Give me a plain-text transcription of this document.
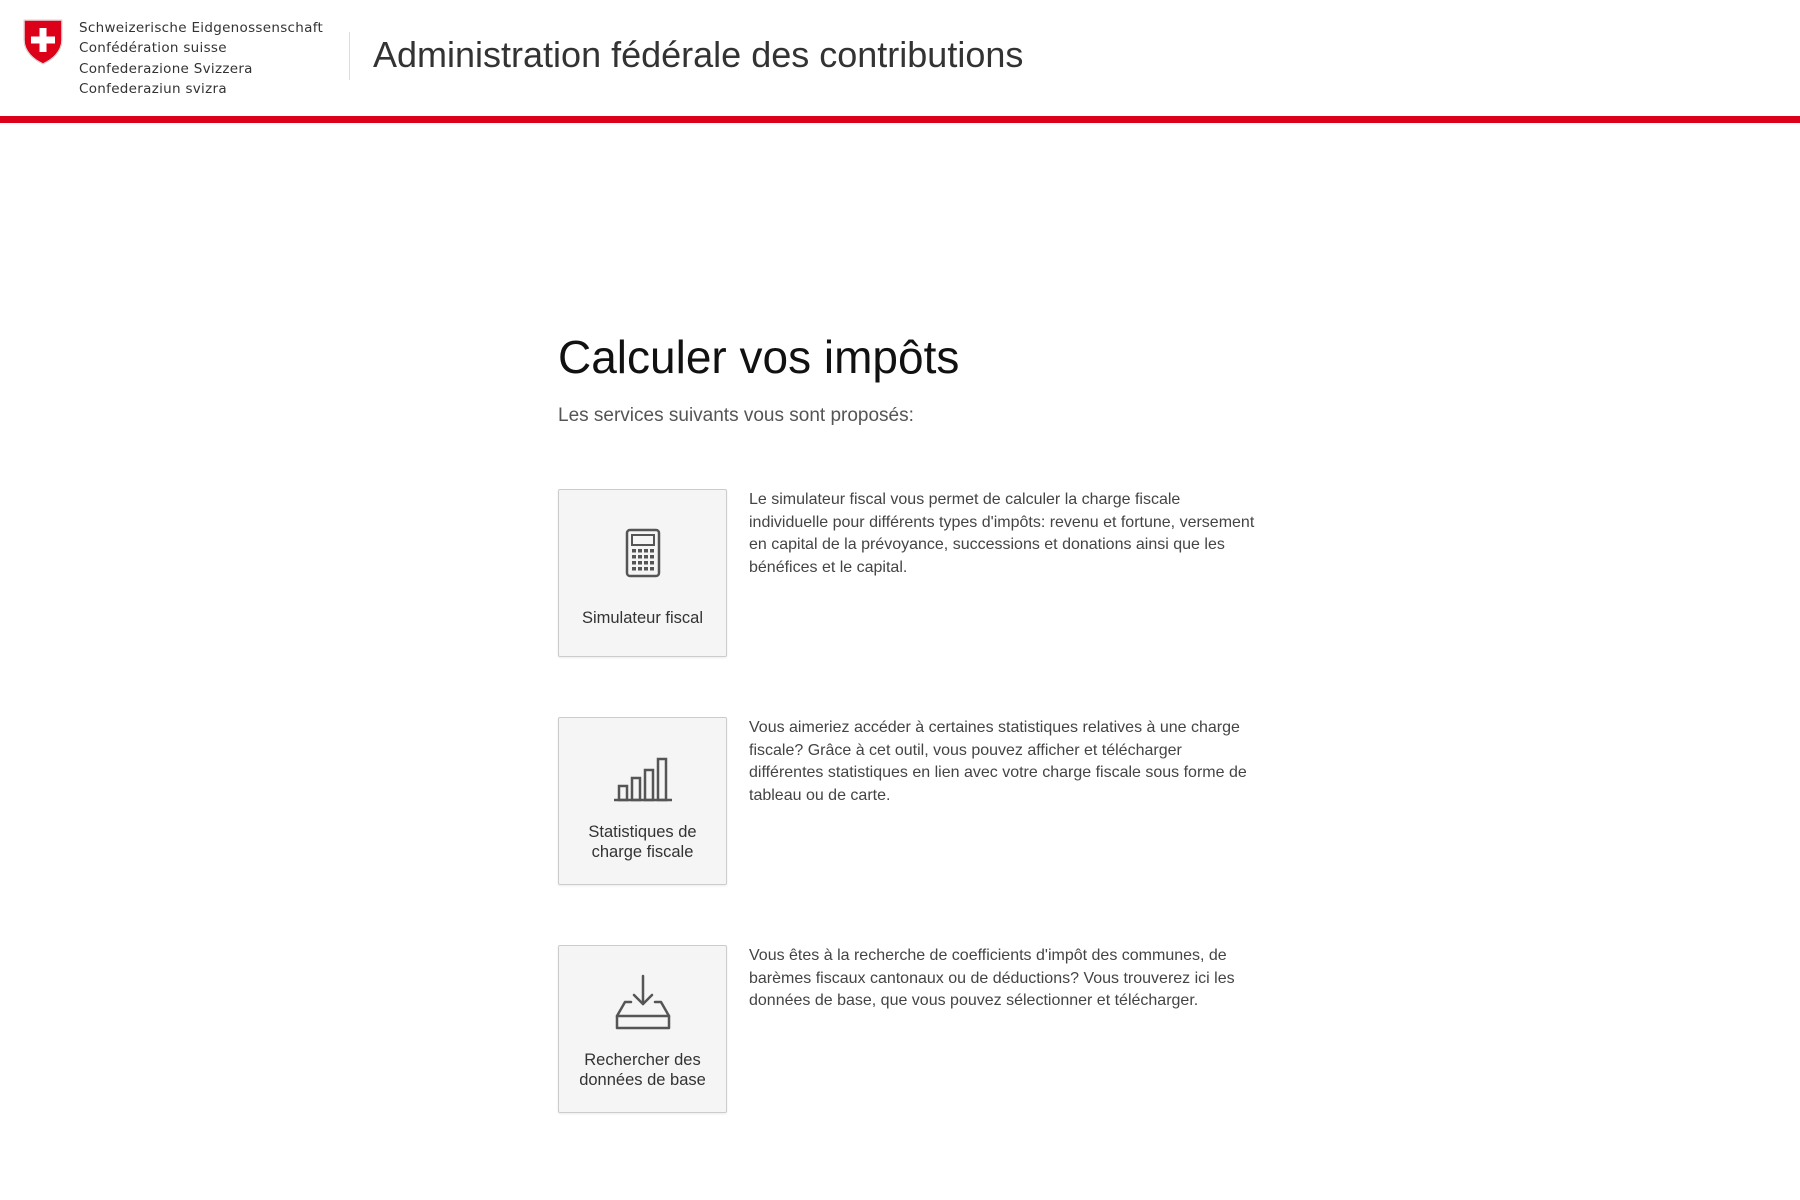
Schweizerische Eidgenossenschaft
Confédération suisse
Confederazione Svizzera
Confederaziun svizra
Administration fédérale des contributions
Calculer vos impôts
Les services suivants vous sont proposés:
Simulateur fiscal
Le simulateur fiscal vous permet de calculer la charge fiscale individuelle pour différents types d'impôts: revenu et fortune, versement en capital de la prévoyance, successions et donations ainsi que les bénéfices et le capital.
Statistiques de charge fiscale
Vous aimeriez accéder à certaines statistiques relatives à une charge fiscale? Grâce à cet outil, vous pouvez afficher et télécharger différentes statistiques en lien avec votre charge fiscale sous forme de tableau ou de carte.
Rechercher des données de base
Vous êtes à la recherche de coefficients d'impôt des communes, de barèmes fiscaux cantonaux ou de déductions? Vous trouverez ici les données de base, que vous pouvez sélectionner et télécharger.
